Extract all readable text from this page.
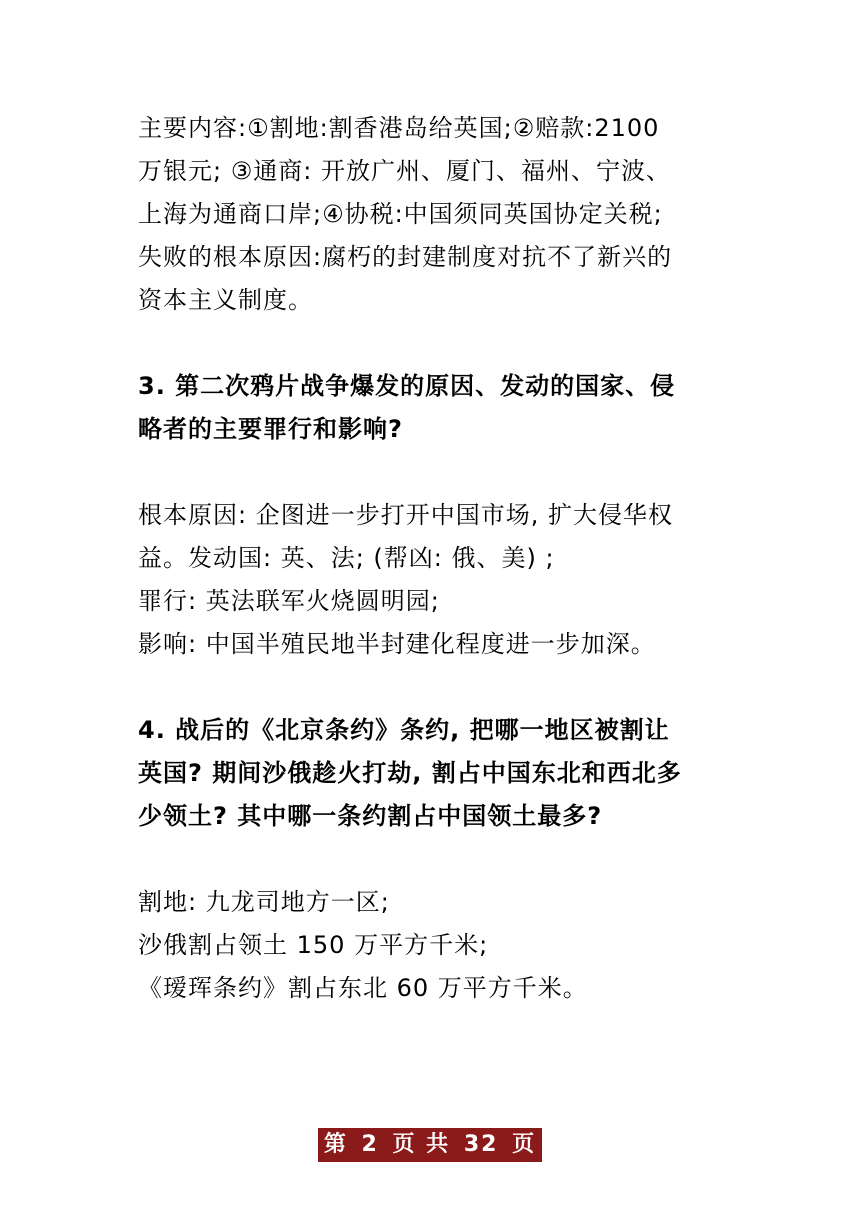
主要内容:①割地:割香港岛给英国;②赔款:2100
万银元; ③通商: 开放广州、厦门、福州、宁波、
上海为通商口岸;④协税:中国须同英国协定关税;
失败的根本原因:腐朽的封建制度对抗不了新兴的
资本主义制度。
3. 第二次鸦片战争爆发的原因、发动的国家、侵
略者的主要罪行和影响?
根本原因: 企图进一步打开中国市场, 扩大侵华权
益。发动国: 英、法; (帮凶: 俄、美) ;
罪行: 英法联军火烧圆明园;
影响: 中国半殖民地半封建化程度进一步加深。
4. 战后的《北京条约》条约, 把哪一地区被割让
英国? 期间沙俄趁火打劫, 割占中国东北和西北多
少领土? 其中哪一条约割占中国领土最多?
割地: 九龙司地方一区;
沙俄割占领土 150 万平方千米;
《瑷珲条约》割占东北 60 万平方千米。
第 2 页 共 32 页
